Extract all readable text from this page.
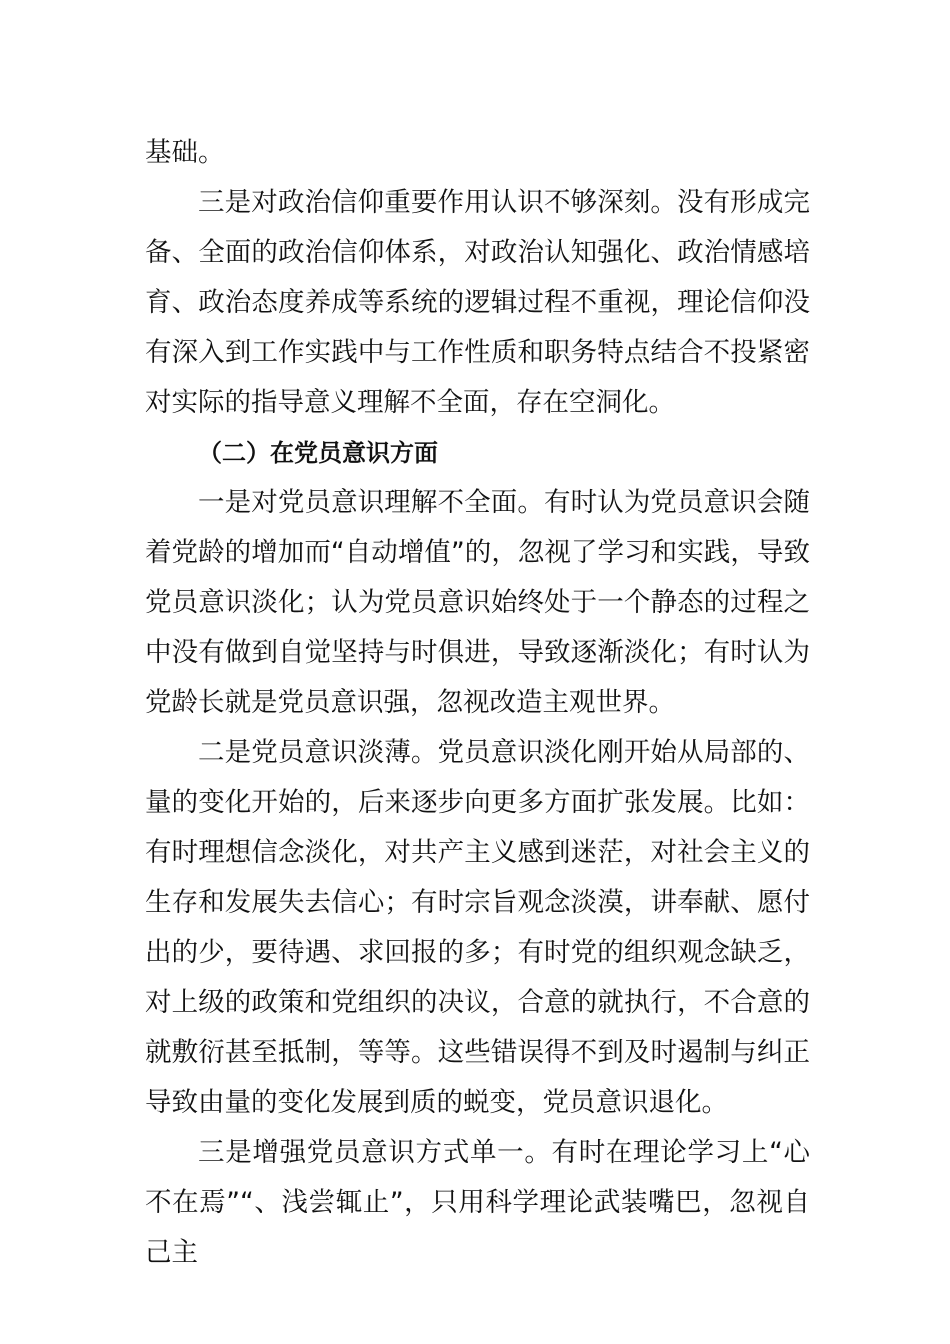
基础。

三是对政治信仰重要作用认识不够深刻。没有形成完备、全面的政治信仰体系，对政治认知强化、政治情感培育、政治态度养成等系统的逻辑过程不重视，理论信仰没有深入到工作实践中与工作性质和职务特点结合不投紧密对实际的指导意义理解不全面，存在空洞化。

（二）在党员意识方面

一是对党员意识理解不全面。有时认为党员意识会随着党龄的增加而“自动增值”的，忽视了学习和实践，导致党员意识淡化；认为党员意识始终处于一个静态的过程之中没有做到自觉坚持与时俱进，导致逐渐淡化；有时认为党龄长就是党员意识强，忽视改造主观世界。

二是党员意识淡薄。党员意识淡化刚开始从局部的、量的变化开始的，后来逐步向更多方面扩张发展。比如：有时理想信念淡化，对共产主义感到迷茫，对社会主义的生存和发展失去信心；有时宗旨观念淡漠，讲奉献、愿付出的少，要待遇、求回报的多；有时党的组织观念缺乏，对上级的政策和党组织的决议，合意的就执行，不合意的就敷衍甚至抵制，等等。这些错误得不到及时遏制与纠正导致由量的变化发展到质的蜕变，党员意识退化。

三是增强党员意识方式单一。有时在理论学习上“心不在焉”“、浅尝辄止”，只用科学理论武装嘴巴，忽视自己主
